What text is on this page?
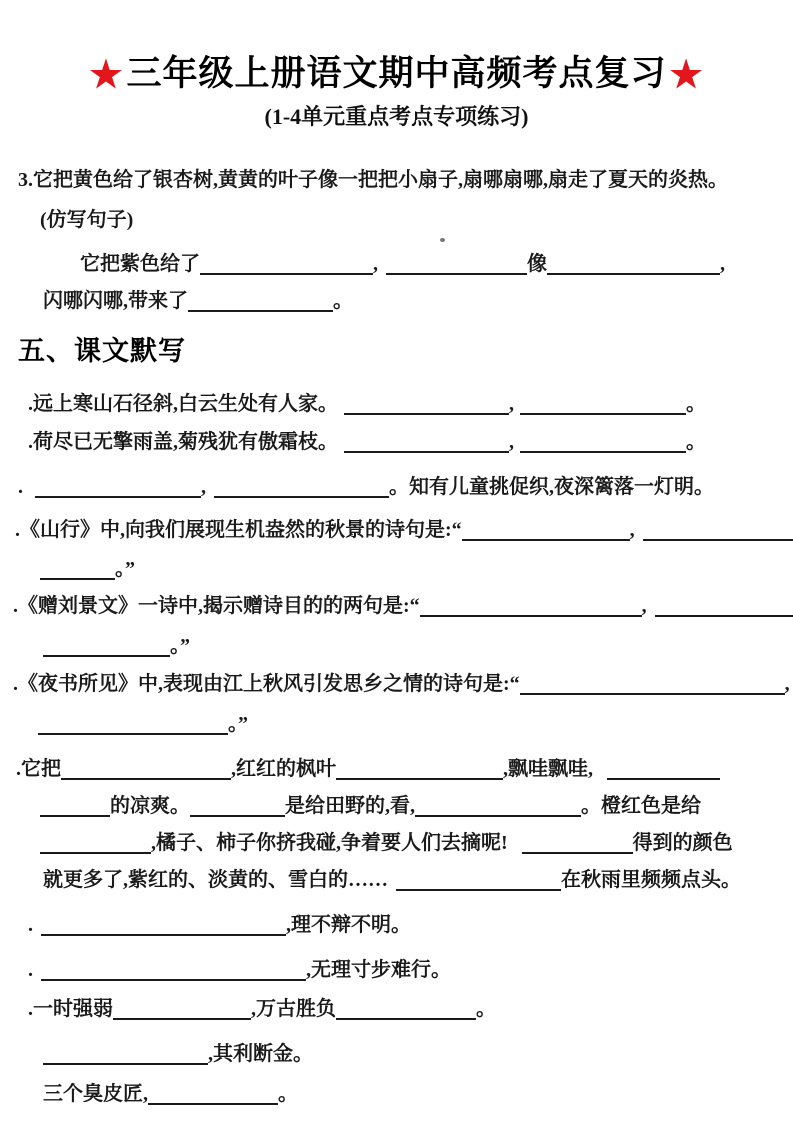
★三年级上册语文期中高频考点复习★
(1-4单元重点考点专项练习)
3.它把黄色给了银杏树,黄黄的叶子像一把把小扇子,扇哪扇哪,扇走了夏天的炎热。
(仿写句子)
它把紫色给了	,	像	,
闪哪闪哪,带来了	。
五、课文默写
.远上寒山石径斜,白云生处有人家。	,	。
.荷尽已无擎雨盖,菊残犹有傲霜枝。	,	。
.	,	。知有儿童挑促织,夜深篱落一灯明。
.《山行》中,向我们展现生机盎然的秋景的诗句是:“	,
。”
.《赠刘景文》一诗中,揭示赠诗目的的两句是:“	,
。”
.《夜书所见》中,表现由江上秋风引发思乡之情的诗句是:“	,
。”
.它把	,红红的枫叶	,飘哇飘哇,
的凉爽。	是给田野的,看,	。橙红色是给
,橘子、柿子你挤我碰,争着要人们去摘呢!	得到的颜色
就更多了,紫红的、淡黄的、雪白的……	在秋雨里频频点头。
.	,理不辩不明。
.	,无理寸步难行。
.一时强弱	,万古胜负	。
,其利断金。
三个臭皮匠,	。
